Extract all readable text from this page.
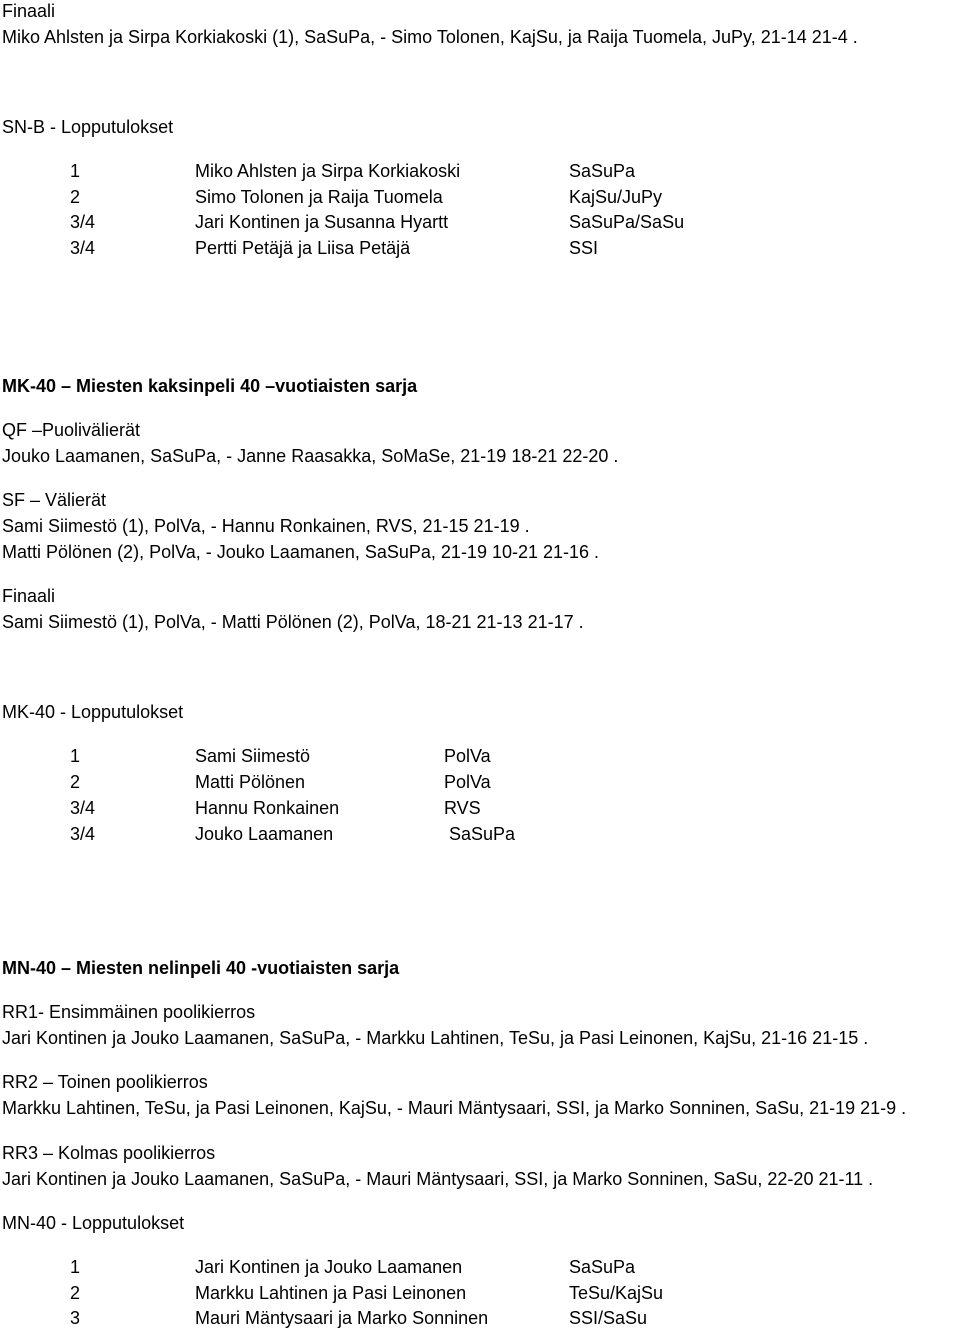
Finaali
Miko Ahlsten ja Sirpa Korkiakoski (1), SaSuPa, - Simo Tolonen, KajSu, ja Raija Tuomela, JuPy, 21-14 21-4 .
SN-B - Lopputulokset
1	Miko Ahlsten ja Sirpa Korkiakoski	SaSuPa
2	Simo Tolonen ja Raija Tuomela	KajSu/JuPy
3/4	Jari Kontinen ja Susanna Hyartt	SaSuPa/SaSu
3/4	Pertti Petäjä ja Liisa Petäjä	SSI
MK-40 – Miesten kaksinpeli 40 –vuotiaisten sarja
QF –Puolivälierät
Jouko Laamanen, SaSuPa, - Janne Raasakka, SoMaSe, 21-19 18-21 22-20 .
SF – Välierät
Sami Siimestö (1), PolVa, - Hannu Ronkainen, RVS, 21-15 21-19 .
Matti Pölönen (2), PolVa, - Jouko Laamanen, SaSuPa, 21-19 10-21 21-16 .
Finaali
Sami Siimestö (1), PolVa, - Matti Pölönen (2), PolVa, 18-21 21-13 21-17 .
MK-40 - Lopputulokset
1	Sami Siimestö	PolVa
2	Matti Pölönen	PolVa
3/4	Hannu Ronkainen	RVS
3/4	Jouko Laamanen	SaSuPa
MN-40 – Miesten nelinpeli 40 -vuotiaisten sarja
RR1- Ensimmäinen poolikierros
Jari Kontinen ja Jouko Laamanen, SaSuPa, - Markku Lahtinen, TeSu, ja Pasi Leinonen, KajSu, 21-16 21-15 .
RR2 – Toinen poolikierros
Markku Lahtinen, TeSu, ja Pasi Leinonen, KajSu, - Mauri Mäntysaari, SSI, ja Marko Sonninen, SaSu, 21-19 21-9 .
RR3 – Kolmas poolikierros
Jari Kontinen ja Jouko Laamanen, SaSuPa, - Mauri Mäntysaari, SSI, ja Marko Sonninen, SaSu, 22-20 21-11 .
MN-40 - Lopputulokset
1	Jari Kontinen ja Jouko Laamanen	SaSuPa
2	Markku Lahtinen ja Pasi Leinonen	TeSu/KajSu
3	Mauri Mäntysaari ja Marko Sonninen	SSI/SaSu
